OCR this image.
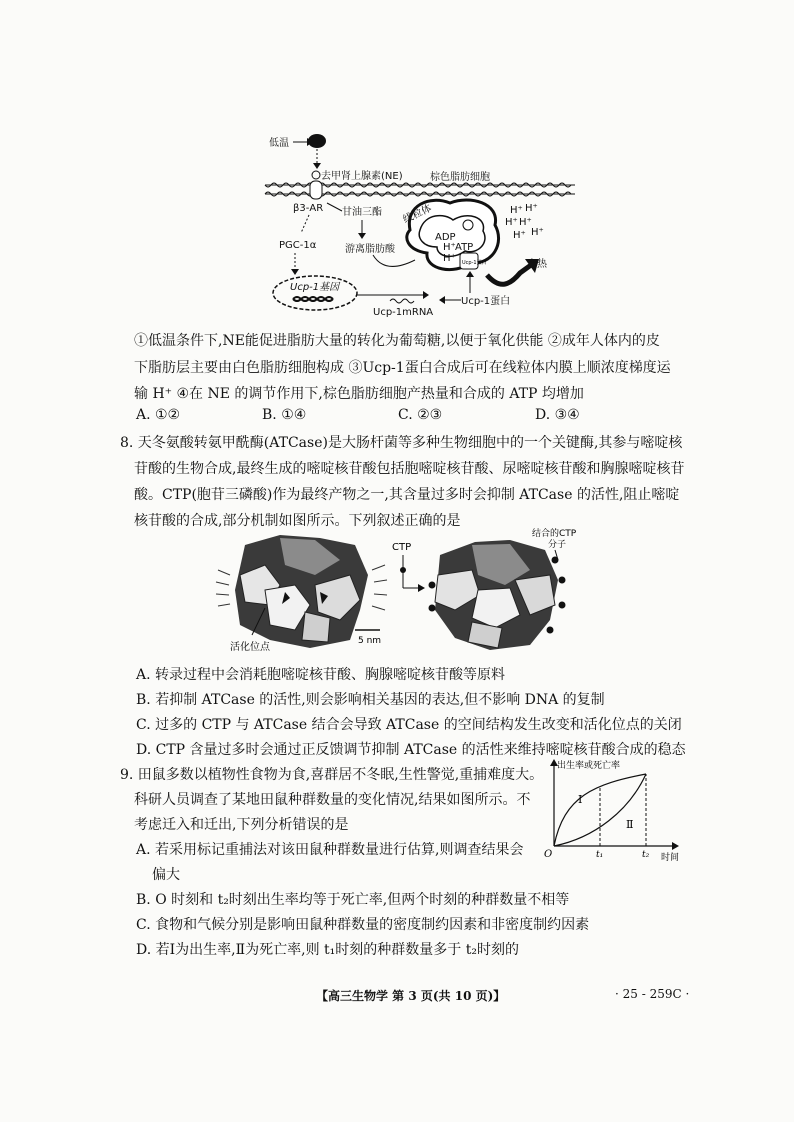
低温
去甲肾上腺素(NE)	棕色脂肪细胞
β3-AR 甘油三酯
PGC-1α	游离脂肪酸
线粒体
ADP
ATP
H⁺
H⁺ Ucp-1蛋白
H⁺ H⁺
H⁺ H⁺
H⁺
H⁺
产热
Ucp-1基因
Ucp-1mRNA
Ucp-1蛋白
①低温条件下,NE能促进脂肪大量的转化为葡萄糖,以便于氧化供能 ②成年人体内的皮
下脂肪层主要由白色脂肪细胞构成 ③Ucp-1蛋白合成后可在线粒体内膜上顺浓度梯度运
输 H⁺ ④在 NE 的调节作用下,棕色脂肪细胞产热量和合成的 ATP 均增加
A. ①②	B. ①④	C. ②③	D. ③④
8. 天冬氨酸转氨甲酰酶(ATCase)是大肠杆菌等多种生物细胞中的一个关键酶,其参与嘧啶核
苷酸的生物合成,最终生成的嘧啶核苷酸包括胞嘧啶核苷酸、尿嘧啶核苷酸和胸腺嘧啶核苷
酸。CTP(胞苷三磷酸)作为最终产物之一,其含量过多时会抑制 ATCase 的活性,阻止嘧啶
核苷酸的合成,部分机制如图所示。下列叙述正确的是
活化位点
5 nm
CTP
结合的CTP
分子
A. 转录过程中会消耗胞嘧啶核苷酸、胸腺嘧啶核苷酸等原料
B. 若抑制 ATCase 的活性,则会影响相关基因的表达,但不影响 DNA 的复制
C. 过多的 CTP 与 ATCase 结合会导致 ATCase 的空间结构发生改变和活化位点的关闭
D. CTP 含量过多时会通过正反馈调节抑制 ATCase 的活性来维持嘧啶核苷酸合成的稳态
9. 田鼠多数以植物性食物为食,喜群居不冬眠,生性警觉,重捕难度大。
科研人员调查了某地田鼠种群数量的变化情况,结果如图所示。不
考虑迁入和迁出,下列分析错误的是
A. 若采用标记重捕法对该田鼠种群数量进行估算,则调查结果会
偏大
B. O 时刻和 t₂时刻出生率均等于死亡率,但两个时刻的种群数量不相等
C. 食物和气候分别是影响田鼠种群数量的密度制约因素和非密度制约因素
D. 若Ⅰ为出生率,Ⅱ为死亡率,则 t₁时刻的种群数量多于 t₂时刻的
出生率或死亡率
O	时间
t₁	t₂
Ⅰ
Ⅱ
【高三生物学 第 3 页(共 10 页)】	· 25 - 259C ·
